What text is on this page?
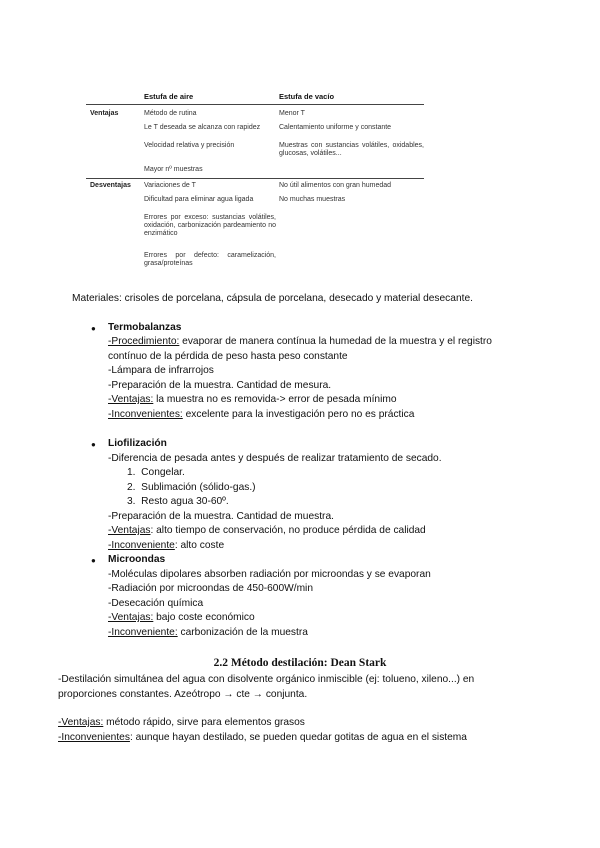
Estufa de aire	Estufa de vacío
Ventajas	Método de rutina
Le T deseada se alcanza con rapidez
Velocidad relativa y precisión
Mayor nº muestras
Menor T
Calentamiento uniforme y constante
Muestras con sustancias volátiles, oxidables, glucosas, volátiles...
Desventajas Variaciones de T
Dificultad para eliminar agua ligada
Errores por exceso: sustancias volátiles, oxidación, carbonización pardeamiento no enzimático
Errores por defecto: caramelización, grasa/proteínas
No útil alimentos con gran humedad
No muchas muestras
Materiales: crisoles de porcelana, cápsula de porcelana, desecado y material desecante.
● Termobalanzas
-Procedimiento: evaporar de manera contínua la humedad de la muestra y el registro
contínuo de la pérdida de peso hasta peso constante
-Lámpara de infrarrojos
-Preparación de la muestra. Cantidad de mesura.
-Ventajas: la muestra no es removida-> error de pesada mínimo
-Inconvenientes: excelente para la investigación pero no es práctica
● Liofilización
-Diferencia de pesada antes y después de realizar tratamiento de secado.
1.  Congelar.
2.  Sublimación (sólido-gas.)
3.  Resto agua 30-60º.
-Preparación de la muestra. Cantidad de muestra.
-Ventajas: alto tiempo de conservación, no produce pérdida de calidad
-Inconveniente: alto coste
● Microondas
-Moléculas dipolares absorben radiación por microondas y se evaporan
-Radiación por microondas de 450-600W/min
-Desecación química
-Ventajas: bajo coste económico
-Inconveniente: carbonización de la muestra
2.2 Método destilación: Dean Stark
-Destilación simultánea del agua con disolvente orgánico inmiscible (ej: tolueno, xileno...) en
proporciones constantes. Azeótropo → cte → conjunta.
-Ventajas: método rápido, sirve para elementos grasos
-Inconvenientes: aunque hayan destilado, se pueden quedar gotitas de agua en el sistema
